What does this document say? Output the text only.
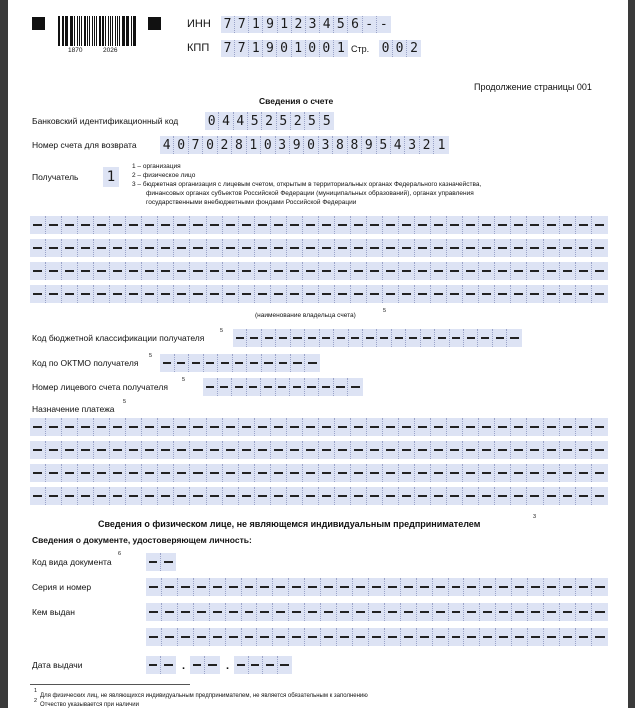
1870	2026
ИНН 7 7 1 9 1 2 3 4 5 6 - -
КПП 7 7 1 9 0 1 0 0 1 Стр. 0 0 2
Продолжение страницы 001
Сведения о счете
Банковский идентификационный код 0 4 4 5 2 5 2 5 5
Номер счета для возврата 4 0 7 0 2 8 1 0 3 9 0 3 8 8 9 5 4 3 2 1
Получатель 1
1 – организация
2 – физическое лицо
3 – бюджетная организация с лицевым счетом, открытым в территориальных органах Федерального казначейства,
финансовых органах субъектов Российской Федерации (муниципальных образований), органах управления
государственными внебюджетными фондами Российской Федерации
(наименование владельца счета)
5
Код бюджетной классификации получателя
5
Код по ОКТМО получателя
5
Номер лицевого счета получателя
5
Назначение платежа
5
Сведения о физическом лице, не являющемся индивидуальным предпринимателем
3
Сведения о документе, удостоверяющем личность:
Код вида документа
6
Серия и номер
Кем выдан
Дата выдачи	.	.
1
Для физических лиц, не являющихся индивидуальным предпринимателем, не является обязательным к заполнению
2
Отчество указывается при наличии
